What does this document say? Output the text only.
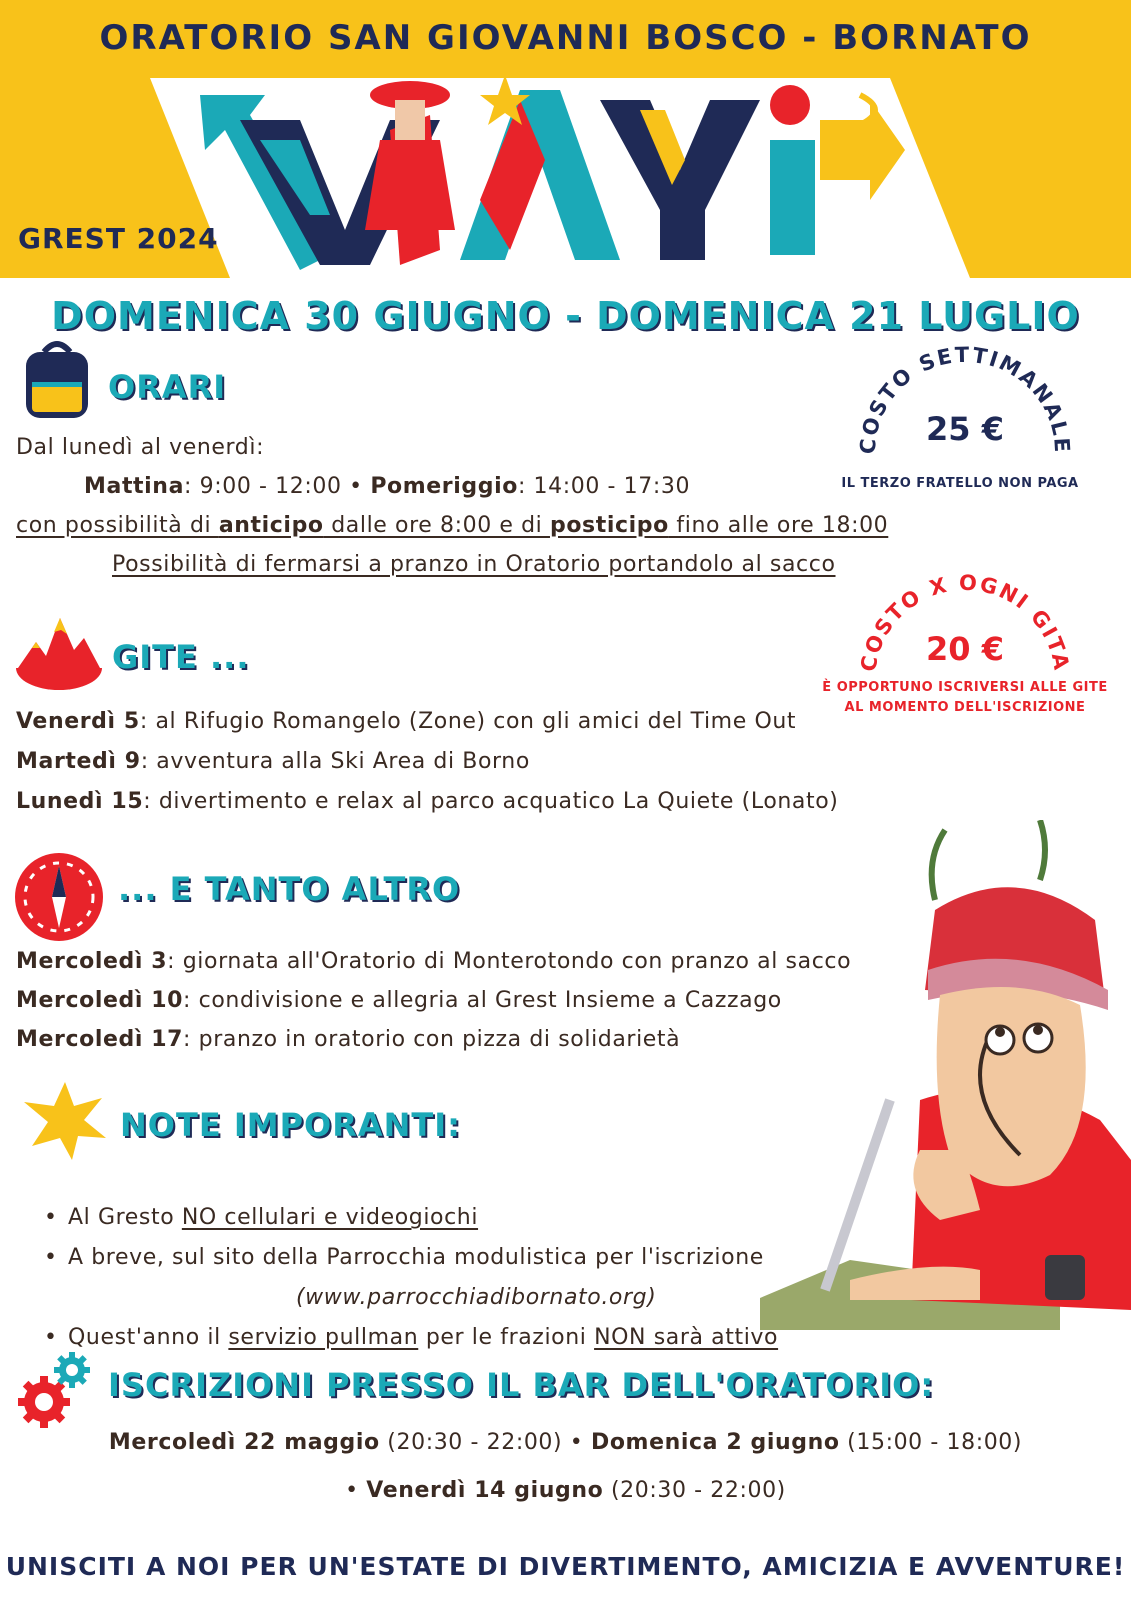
ORATORIO SAN GIOVANNI BOSCO - BORNATO
GREST 2024
DOMENICA 30 GIUGNO - DOMENICA 21 LUGLIO
ORARI
Dal lunedì al venerdì:
Mattina: 9:00 - 12:00 • Pomeriggio: 14:00 - 17:30
con possibilità di anticipo dalle ore 8:00 e di posticipo fino alle ore 18:00
Possibilità di fermarsi a pranzo in Oratorio portandolo al sacco
COSTO SETTIMANALE
25 €
IL TERZO FRATELLO NON PAGA
GITE ...
Venerdì 5: al Rifugio Romangelo (Zone) con gli amici del Time Out
Martedì 9: avventura alla Ski Area di Borno
Lunedì 15: divertimento e relax al parco acquatico La Quiete (Lonato)
COSTO X OGNI GITA
20 €
È OPPORTUNO ISCRIVERSI ALLE GITE
AL MOMENTO DELL'ISCRIZIONE
... E TANTO ALTRO
Mercoledì 3: giornata all'Oratorio di Monterotondo con pranzo al sacco
Mercoledì 10: condivisione e allegria al Grest Insieme a Cazzago
Mercoledì 17: pranzo in oratorio con pizza di solidarietà
NOTE IMPORANTI:
• Al Gresto NO cellulari e videogiochi
• A breve, sul sito della Parrocchia modulistica per l'iscrizione
(www.parrocchiadibornato.org)
• Quest'anno il servizio pullman per le frazioni NON sarà attivo
ISCRIZIONI PRESSO IL BAR DELL'ORATORIO:
Mercoledì 22 maggio (20:30 - 22:00) • Domenica 2 giugno (15:00 - 18:00)
• Venerdì 14 giugno (20:30 - 22:00)
UNISCITI A NOI PER UN'ESTATE DI DIVERTIMENTO, AMICIZIA E AVVENTURE!
